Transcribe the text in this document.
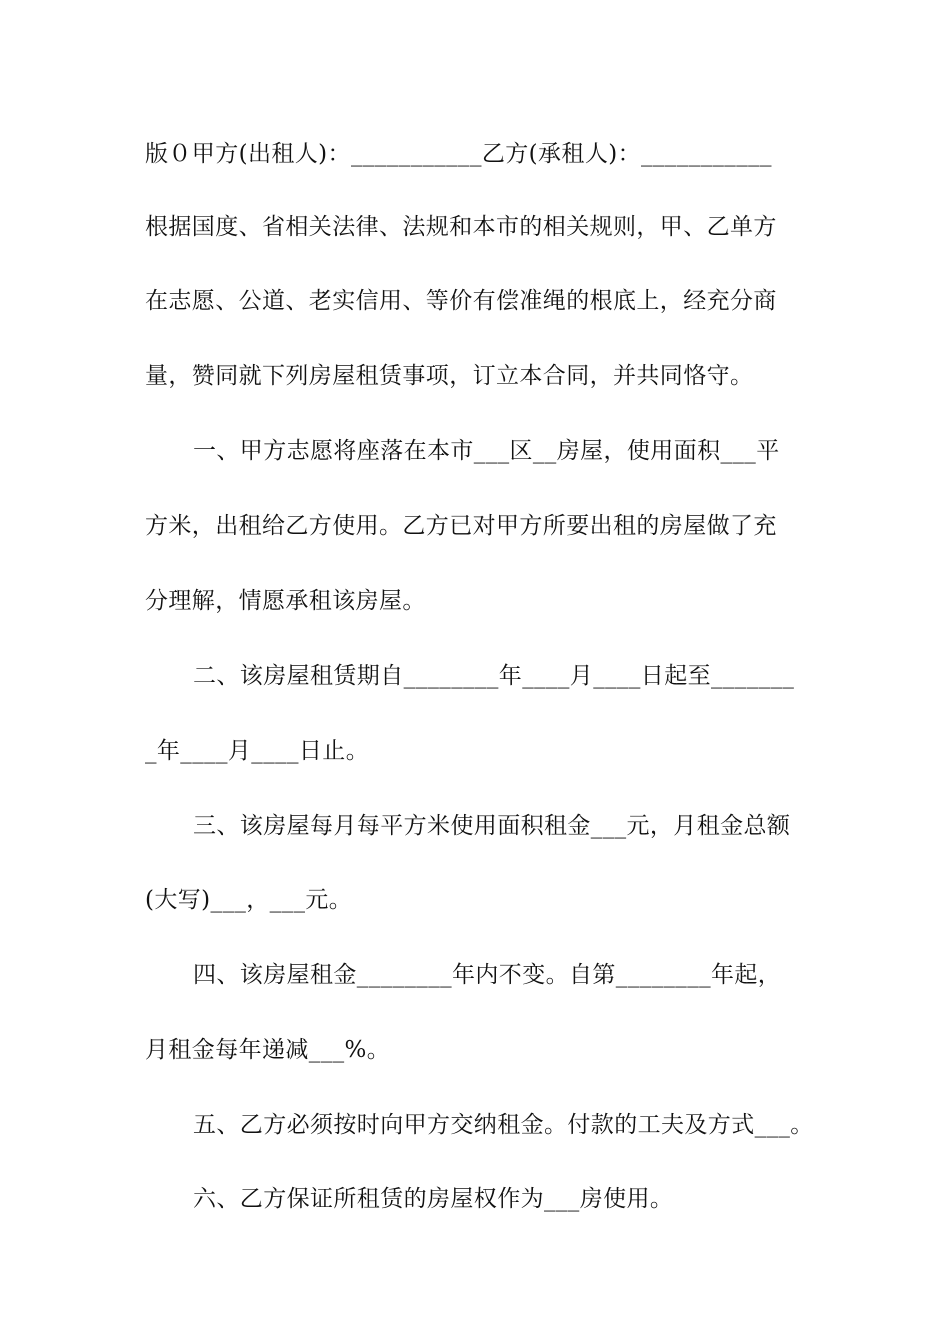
版０甲方(出租人)：___________乙方(承租人)：___________
根据国度、省相关法律、法规和本市的相关规则，甲、乙单方
在志愿、公道、老实信用、等价有偿准绳的根底上，经充分商
量，赞同就下列房屋租赁事项，订立本合同，并共同恪守。
一、甲方志愿将座落在本市___区__房屋，使用面积___平
方米，出租给乙方使用。乙方已对甲方所要出租的房屋做了充
分理解，情愿承租该房屋。
二、该房屋租赁期自________年____月____日起至_______
_年____月____日止。
三、该房屋每月每平方米使用面积租金___元，月租金总额
(大写)___，___元。
四、该房屋租金________年内不变。自第________年起，
月租金每年递减___%。
五、乙方必须按时向甲方交纳租金。付款的工夫及方式___。
六、乙方保证所租赁的房屋权作为___房使用。
